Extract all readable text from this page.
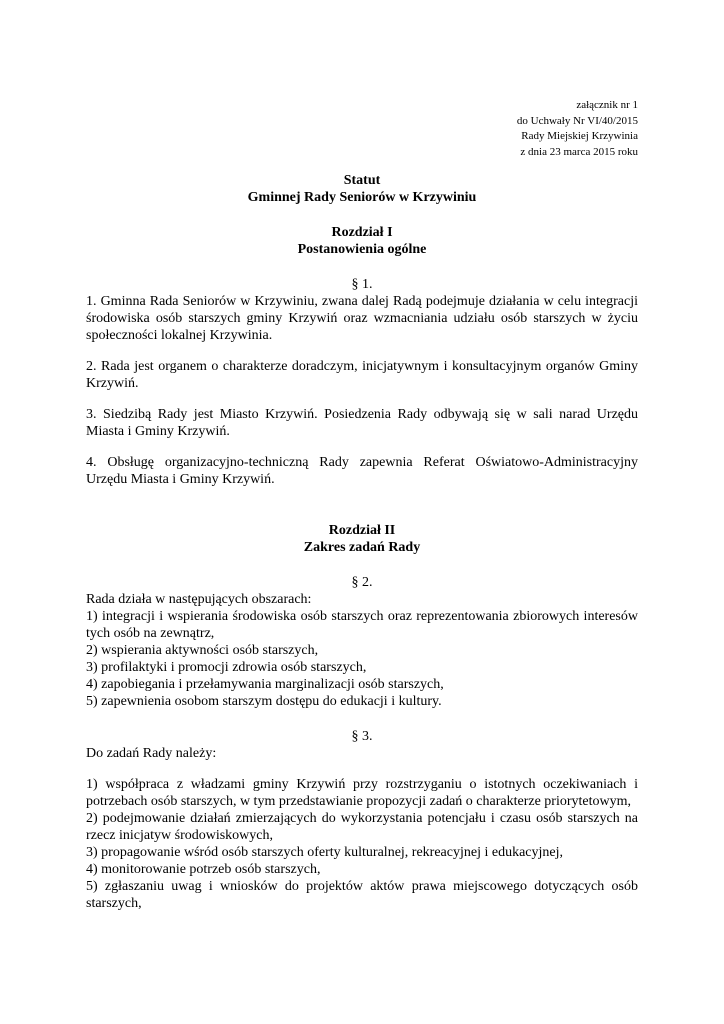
załącznik nr 1
do Uchwały Nr VI/40/2015
Rady Miejskiej Krzywinia
z dnia 23 marca 2015 roku
Statut
Gminnej Rady Seniorów w Krzywiniu
Rozdział I
Postanowienia ogólne
§ 1.
1. Gminna Rada Seniorów w Krzywiniu, zwana dalej Radą podejmuje działania w celu integracji środowiska osób starszych gminy Krzywiń oraz wzmacniania udziału osób starszych w życiu społeczności lokalnej Krzywinia.
2. Rada jest organem o charakterze doradczym, inicjatywnym i konsultacyjnym organów Gminy Krzywiń.
3. Siedzibą Rady jest Miasto Krzywiń. Posiedzenia Rady odbywają się w sali narad Urzędu Miasta i Gminy Krzywiń.
4. Obsługę organizacyjno-techniczną Rady zapewnia Referat Oświatowo-Administracyjny Urzędu Miasta i Gminy Krzywiń.
Rozdział II
Zakres zadań Rady
§ 2.
Rada działa w następujących obszarach:
1) integracji i wspierania środowiska osób starszych oraz reprezentowania zbiorowych interesów tych osób na zewnątrz,
2) wspierania aktywności osób starszych,
3) profilaktyki i promocji zdrowia osób starszych,
4) zapobiegania i przełamywania marginalizacji osób starszych,
5) zapewnienia osobom starszym dostępu do edukacji i kultury.
§ 3.
Do zadań Rady należy:
1) współpraca z władzami gminy Krzywiń przy rozstrzyganiu o istotnych oczekiwaniach i potrzebach osób starszych, w tym przedstawianie propozycji zadań o charakterze priorytetowym,
2) podejmowanie działań zmierzających do wykorzystania potencjału i czasu osób starszych na rzecz inicjatyw środowiskowych,
3) propagowanie wśród osób starszych oferty kulturalnej, rekreacyjnej i edukacyjnej,
4) monitorowanie potrzeb osób starszych,
5) zgłaszaniu uwag i wniosków do projektów aktów prawa miejscowego dotyczących osób starszych,
